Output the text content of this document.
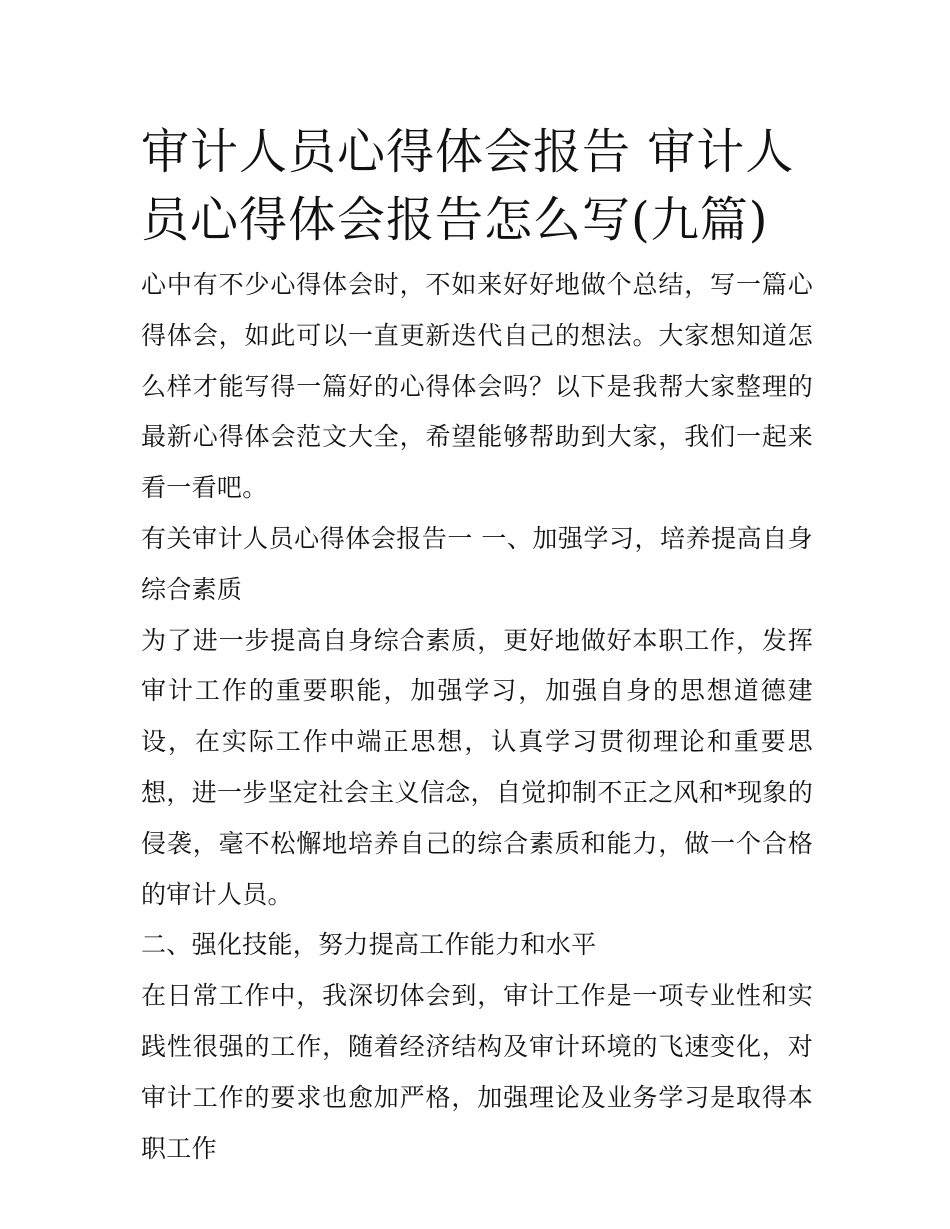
审计人员心得体会报告 审计人员心得体会报告怎么写(九篇)

心中有不少心得体会时，不如来好好地做个总结，写一篇心得体会，如此可以一直更新迭代自己的想法。大家想知道怎么样才能写得一篇好的心得体会吗？以下是我帮大家整理的最新心得体会范文大全，希望能够帮助到大家，我们一起来看一看吧。

有关审计人员心得体会报告一 一、加强学习，培养提高自身综合素质

为了进一步提高自身综合素质，更好地做好本职工作，发挥审计工作的重要职能，加强学习，加强自身的思想道德建设，在实际工作中端正思想，认真学习贯彻理论和重要思想，进一步坚定社会主义信念，自觉抑制不正之风和*现象的侵袭，毫不松懈地培养自己的综合素质和能力，做一个合格的审计人员。

二、强化技能，努力提高工作能力和水平

在日常工作中，我深切体会到，审计工作是一项专业性和实践性很强的工作，随着经济结构及审计环境的飞速变化，对审计工作的要求也愈加严格，加强理论及业务学习是取得本职工作
